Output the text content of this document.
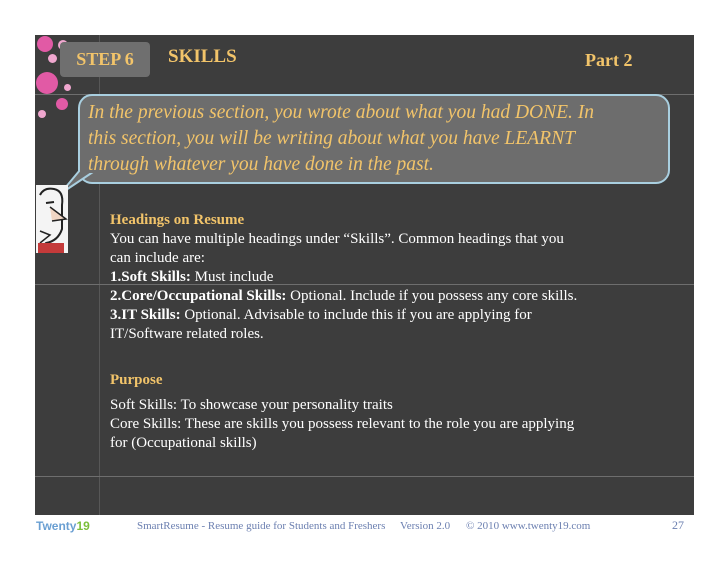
STEP 6	SKILLS	Part 2
In the previous section, you wrote about what you had DONE. In
this section, you will be writing about what you have LEARNT
through whatever you have done in the past.
Headings on Resume
You can have multiple headings under “Skills”. Common headings that you
can include are:
1.Soft Skills: Must include
2.Core/Occupational Skills: Optional. Include if you possess any core skills.
3.IT Skills: Optional. Advisable to include this if you are applying for
IT/Software related roles.
Purpose
Soft Skills: To showcase your personality traits
Core Skills: These are skills you possess relevant to the role you are applying
for (Occupational skills)
Twenty19	SmartResume - Resume guide for Students and Freshers Version 2.0 © 2010 www.twenty19.com	27
